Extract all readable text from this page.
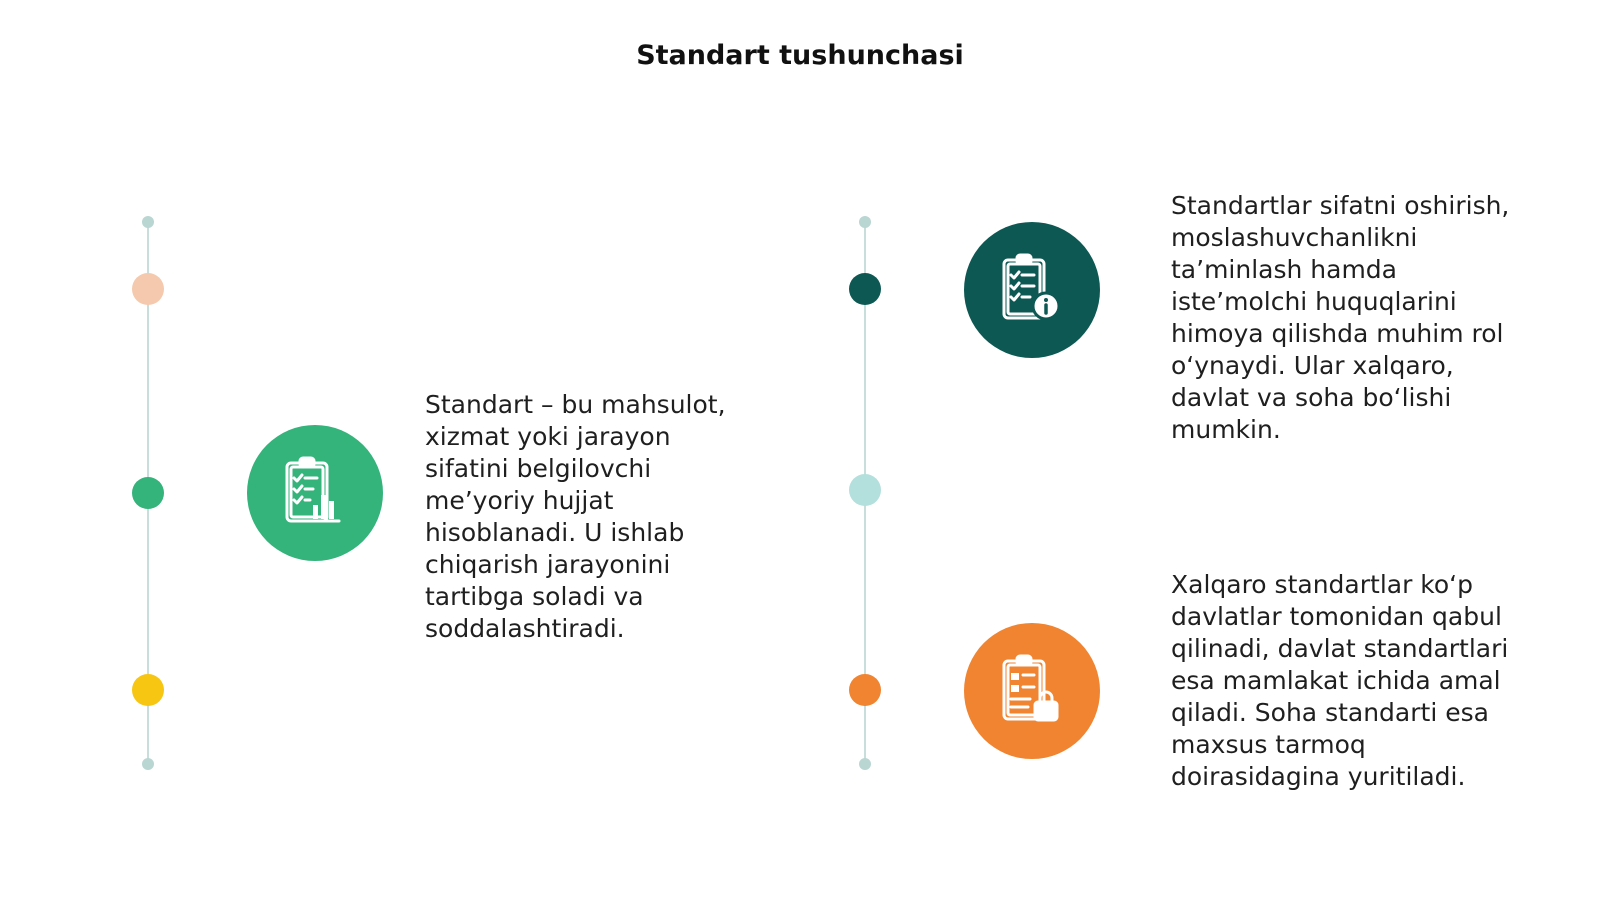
Standart tushunchasi
Standart – bu mahsulot,
xizmat yoki jarayon
sifatini belgilovchi
me’yoriy hujjat
hisoblanadi. U ishlab
chiqarish jarayonini
tartibga soladi va
soddalashtiradi.
Standartlar sifatni oshirish,
moslashuvchanlikni
ta’minlash hamda
iste’molchi huquqlarini
himoya qilishda muhim rol
o‘ynaydi. Ular xalqaro,
davlat va soha bo‘lishi
mumkin.
Xalqaro standartlar ko‘p
davlatlar tomonidan qabul
qilinadi, davlat standartlari
esa mamlakat ichida amal
qiladi. Soha standarti esa
maxsus tarmoq
doirasidagina yuritiladi.
